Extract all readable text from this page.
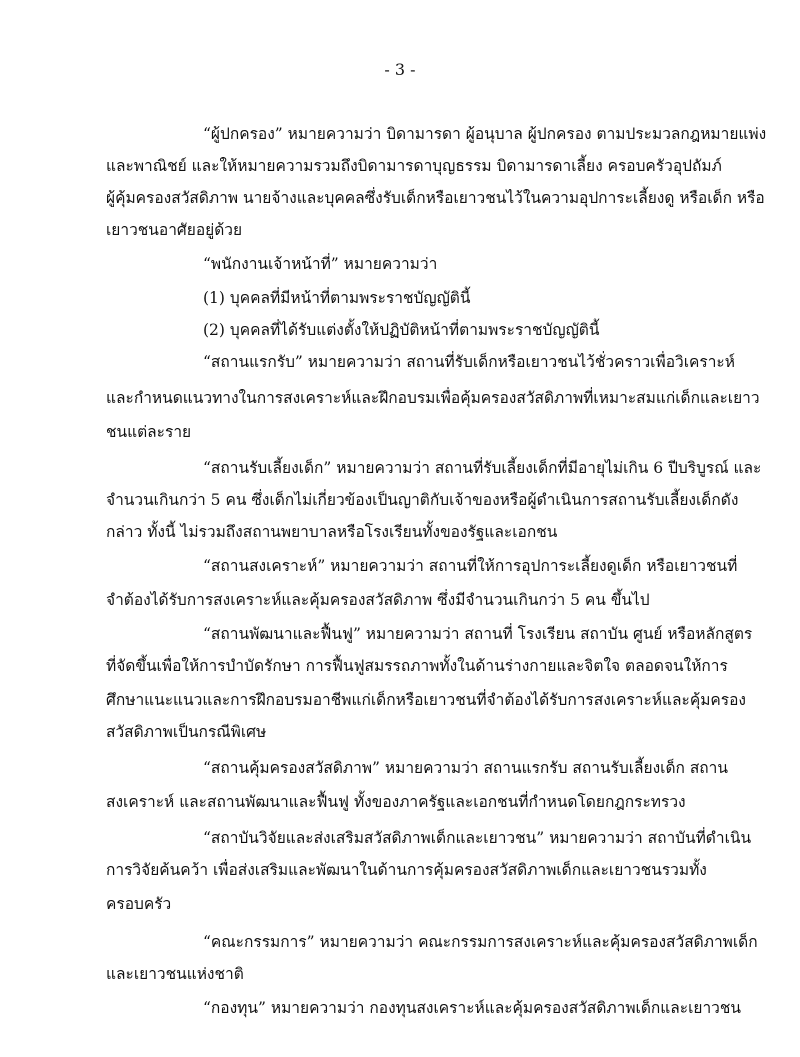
- 3 -
“ผู้ปกครอง” หมายความว่า บิดามารดา ผู้อนุบาล ผู้ปกครอง ตามประมวลกฎหมายแพ่ง
และพาณิชย์ และให้หมายความรวมถึงบิดามารดาบุญธรรม บิดามารดาเลี้ยง ครอบครัวอุปถัมภ์
ผู้คุ้มครองสวัสดิภาพ นายจ้างและบุคคลซึ่งรับเด็กหรือเยาวชนไว้ในความอุปการะเลี้ยงดู หรือเด็ก หรือ
เยาวชนอาศัยอยู่ด้วย
“พนักงานเจ้าหน้าที่” หมายความว่า
(1) บุคคลที่มีหน้าที่ตามพระราชบัญญัตินี้
(2) บุคคลที่ได้รับแต่งตั้งให้ปฏิบัติหน้าที่ตามพระราชบัญญัตินี้
“สถานแรกรับ” หมายความว่า สถานที่รับเด็กหรือเยาวชนไว้ชั่วคราวเพื่อวิเคราะห์
และกำหนดแนวทางในการสงเคราะห์และฝึกอบรมเพื่อคุ้มครองสวัสดิภาพที่เหมาะสมแก่เด็กและเยาว
ชนแต่ละราย
“สถานรับเลี้ยงเด็ก” หมายความว่า สถานที่รับเลี้ยงเด็กที่มีอายุไม่เกิน 6 ปีบริบูรณ์ และ
จำนวนเกินกว่า 5 คน ซึ่งเด็กไม่เกี่ยวข้องเป็นญาติกับเจ้าของหรือผู้ดำเนินการสถานรับเลี้ยงเด็กดัง
กล่าว ทั้งนี้ ไม่รวมถึงสถานพยาบาลหรือโรงเรียนทั้งของรัฐและเอกชน
“สถานสงเคราะห์” หมายความว่า สถานที่ให้การอุปการะเลี้ยงดูเด็ก หรือเยาวชนที่
จำต้องได้รับการสงเคราะห์และคุ้มครองสวัสดิภาพ ซึ่งมีจำนวนเกินกว่า 5 คน ขึ้นไป
“สถานพัฒนาและฟื้นฟู” หมายความว่า สถานที่ โรงเรียน สถาบัน ศูนย์ หรือหลักสูตร
ที่จัดขึ้นเพื่อให้การบำบัดรักษา การฟื้นฟูสมรรถภาพทั้งในด้านร่างกายและจิตใจ ตลอดจนให้การ
ศึกษาแนะแนวและการฝึกอบรมอาชีพแก่เด็กหรือเยาวชนที่จำต้องได้รับการสงเคราะห์และคุ้มครอง
สวัสดิภาพเป็นกรณีพิเศษ
“สถานคุ้มครองสวัสดิภาพ” หมายความว่า สถานแรกรับ สถานรับเลี้ยงเด็ก สถาน
สงเคราะห์ และสถานพัฒนาและฟื้นฟู ทั้งของภาครัฐและเอกชนที่กำหนดโดยกฎกระทรวง
“สถาบันวิจัยและส่งเสริมสวัสดิภาพเด็กและเยาวชน” หมายความว่า สถาบันที่ดำเนิน
การวิจัยค้นคว้า เพื่อส่งเสริมและพัฒนาในด้านการคุ้มครองสวัสดิภาพเด็กและเยาวชนรวมทั้ง
ครอบครัว
“คณะกรรมการ” หมายความว่า คณะกรรมการสงเคราะห์และคุ้มครองสวัสดิภาพเด็ก
และเยาวชนแห่งชาติ
“กองทุน” หมายความว่า กองทุนสงเคราะห์และคุ้มครองสวัสดิภาพเด็กและเยาวชน
